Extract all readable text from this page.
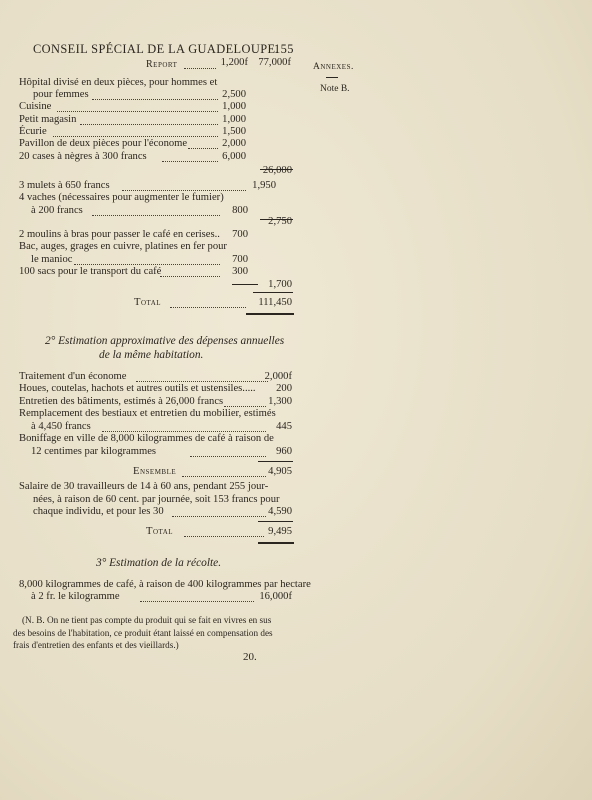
CONSEIL SPÉCIAL DE LA GUADELOUPE.
155
Annexes.
Note B.
Report	1,200f 77,000f
Hôpital divisé en deux pièces, pour hommes et
pour femmes	2,500
Cuisine	1,000
Petit magasin	1,000
Écurie	1,500
Pavillon de deux pièces pour l'économe	2,000
20 cases à nègres à 300 francs	6,000
26,000
3 mulets à 650 francs	1,950
4 vaches (nécessaires pour augmenter le fumier)
à 200 francs	800
2,750
2 moulins à bras pour passer le café en cerises..	700
Bac, auges, grages en cuivre, platines en fer pour
le manioc	700
100 sacs pour le transport du café	300
1,700
Total	111,450
2° Estimation approximative des dépenses annuelles
de la même habitation.
Traitement d'un économe	2,000f
Houes, coutelas, hachots et autres outils et ustensiles.....	200
Entretien des bâtiments, estimés à 26,000 francs	1,300
Remplacement des bestiaux et entretien du mobilier, estimés
à 4,450 francs	445
Boniffage en ville de 8,000 kilogrammes de café à raison de
12 centimes par kilogrammes	960
Ensemble	4,905
Salaire de 30 travailleurs de 14 à 60 ans, pendant 255 jour-
nées, à raison de 60 cent. par journée, soit 153 francs pour
chaque individu, et pour les 30	4,590
Total	9,495
3° Estimation de la récolte.
8,000 kilogrammes de café, à raison de 400 kilogrammes par hectare
à 2 fr. le kilogramme	16,000f
(N. B. On ne tient pas compte du produit qui se fait en vivres en sus
des besoins de l'habitation, ce produit étant laissé en compensation des
frais d'entretien des enfants et des vieillards.)
20.
